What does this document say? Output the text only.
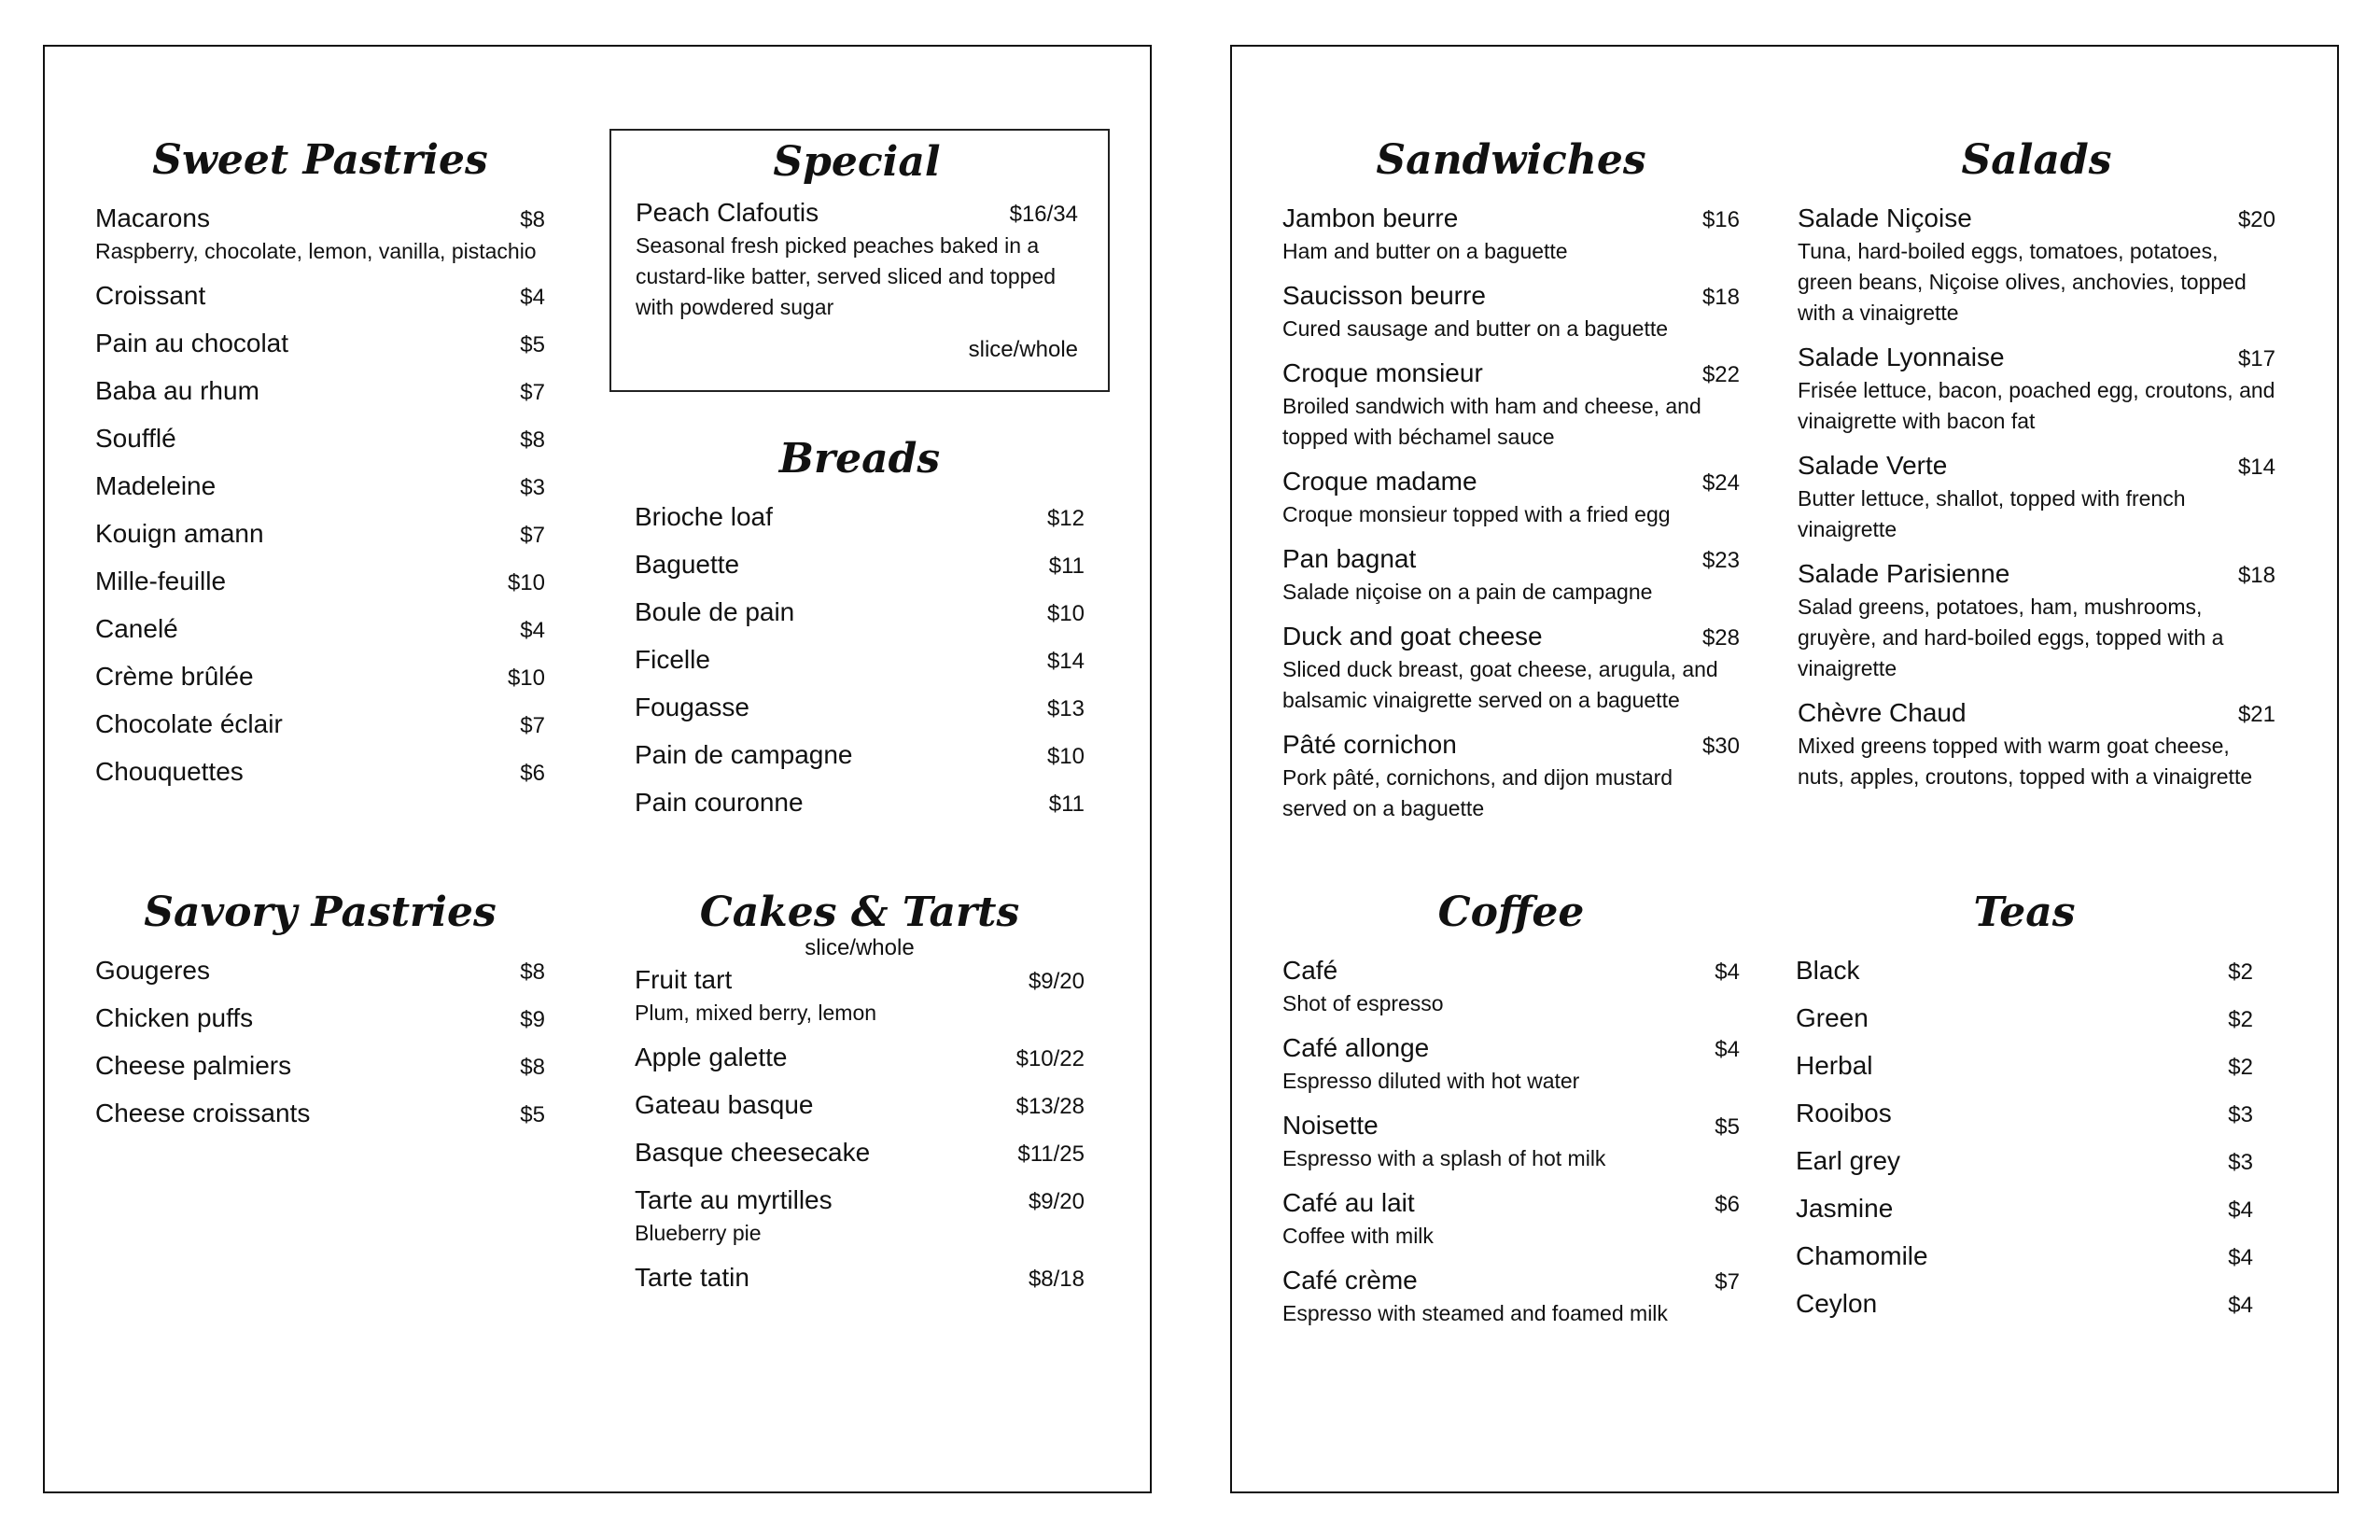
Sweet Pastries
Macarons	$8
Raspberry, chocolate, lemon, vanilla, pistachio
Croissant	$4
Pain au chocolat	$5
Baba au rhum	$7
Soufflé	$8
Madeleine	$3
Kouign amann	$7
Mille-feuille	$10
Canelé	$4
Crème brûlée	$10
Chocolate éclair	$7
Chouquettes	$6
Special
Peach Clafoutis	$16/34
Seasonal fresh picked peaches baked in a custard-like batter, served sliced and topped with powdered sugar
slice/whole
Breads
Brioche loaf	$12
Baguette	$11
Boule de pain	$10
Ficelle	$14
Fougasse	$13
Pain de campagne	$10
Pain couronne	$11
Savory Pastries
Gougeres	$8
Chicken puffs	$9
Cheese palmiers	$8
Cheese croissants	$5
Cakes & Tarts
slice/whole
Fruit tart	$9/20
Plum, mixed berry, lemon
Apple galette	$10/22
Gateau basque	$13/28
Basque cheesecake	$11/25
Tarte au myrtilles	$9/20
Blueberry pie
Tarte tatin	$8/18
Sandwiches
Jambon beurre	$16
Ham and butter on a baguette
Saucisson beurre	$18
Cured sausage and butter on a baguette
Croque monsieur	$22
Broiled sandwich with ham and cheese, and topped with béchamel sauce
Croque madame	$24
Croque monsieur topped with a fried egg
Pan bagnat	$23
Salade niçoise on a pain de campagne
Duck and goat cheese	$28
Sliced duck breast, goat cheese, arugula, and balsamic vinaigrette served on a baguette
Pâté cornichon	$30
Pork pâté, cornichons, and dijon mustard served on a baguette
Salads
Salade Niçoise	$20
Tuna, hard-boiled eggs, tomatoes, potatoes, green beans, Niçoise olives, anchovies, topped with a vinaigrette
Salade Lyonnaise	$17
Frisée lettuce, bacon, poached egg, croutons, and vinaigrette with bacon fat
Salade Verte	$14
Butter lettuce, shallot, topped with french vinaigrette
Salade Parisienne	$18
Salad greens, potatoes, ham, mushrooms, gruyère, and hard-boiled eggs, topped with a vinaigrette
Chèvre Chaud	$21
Mixed greens topped with warm goat cheese, nuts, apples, croutons, topped with a vinaigrette
Coffee
Café	$4
Shot of espresso
Café allonge	$4
Espresso diluted with hot water
Noisette	$5
Espresso with a splash of hot milk
Café au lait	$6
Coffee with milk
Café crème	$7
Espresso with steamed and foamed milk
Teas
Black	$2
Green	$2
Herbal	$2
Rooibos	$3
Earl grey	$3
Jasmine	$4
Chamomile	$4
Ceylon	$4
